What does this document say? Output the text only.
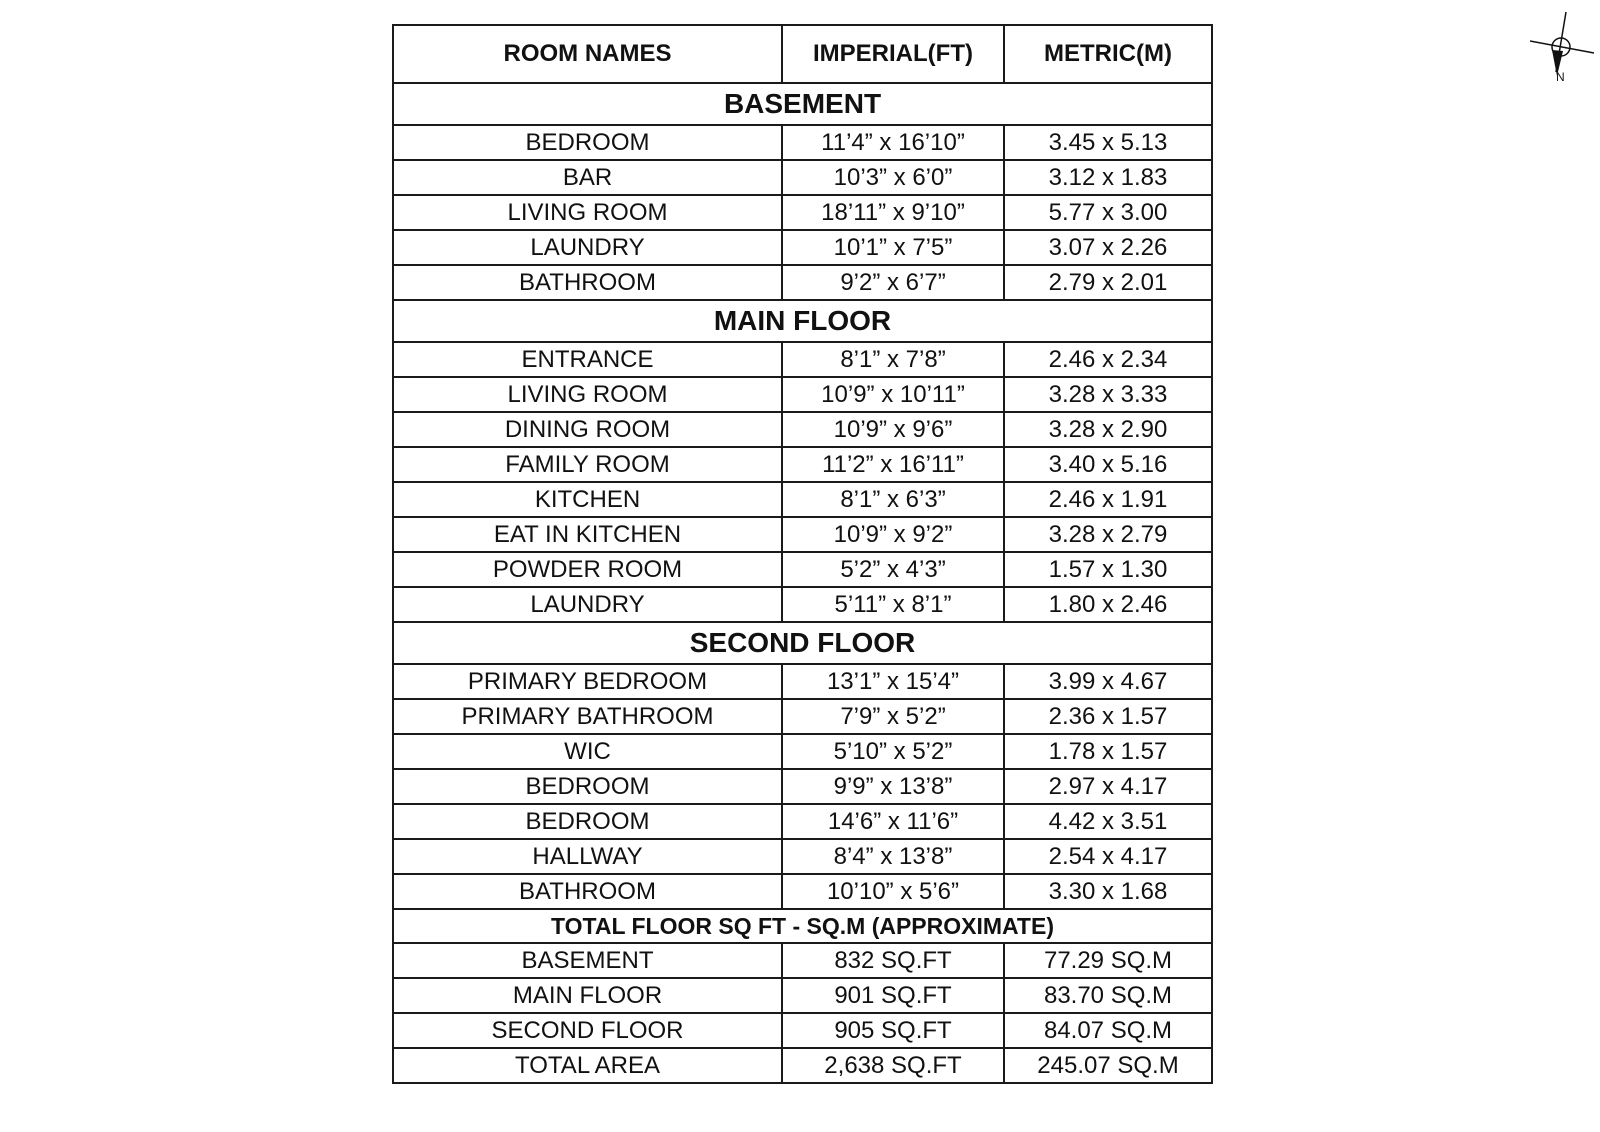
ROOM NAMES	IMPERIAL(FT)	METRIC(M)
BASEMENT		
BEDROOM	11’4” x 16’10”	3.45 x 5.13
BAR	10’3” x 6’0”	3.12 x 1.83
LIVING ROOM	18’11” x 9’10”	5.77 x 3.00
LAUNDRY	10’1” x 7’5”	3.07 x 2.26
BATHROOM	9’2” x 6’7”	2.79 x 2.01
MAIN FLOOR		
ENTRANCE	8’1” x 7’8”	2.46 x 2.34
LIVING ROOM	10’9” x 10’11”	3.28 x 3.33
DINING ROOM	10’9” x 9’6”	3.28 x 2.90
FAMILY ROOM	11’2” x 16’11”	3.40 x 5.16
KITCHEN	8’1” x 6’3”	2.46 x 1.91
EAT IN KITCHEN	10’9” x 9’2”	3.28 x 2.79
POWDER ROOM	5’2” x 4’3”	1.57 x 1.30
LAUNDRY	5’11” x 8’1”	1.80 x 2.46
SECOND FLOOR		
PRIMARY BEDROOM	13’1” x 15’4”	3.99 x 4.67
PRIMARY BATHROOM	7’9” x 5’2”	2.36 x 1.57
WIC	5’10” x 5’2”	1.78 x 1.57
BEDROOM	9’9” x 13’8”	2.97 x 4.17
BEDROOM	14’6” x 11’6”	4.42 x 3.51
HALLWAY	8’4” x 13’8”	2.54 x 4.17
BATHROOM	10’10” x 5’6”	3.30 x 1.68
TOTAL FLOOR SQ FT - SQ.M (APPROXIMATE)		
BASEMENT	832 SQ.FT	77.29 SQ.M
MAIN FLOOR	901 SQ.FT	83.70 SQ.M
SECOND FLOOR	905 SQ.FT	84.07 SQ.M
TOTAL AREA	2,638 SQ.FT	245.07 SQ.M
N
